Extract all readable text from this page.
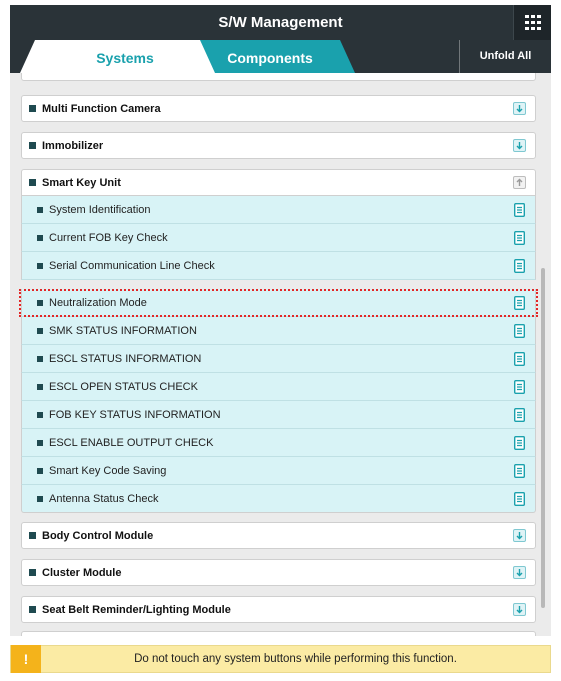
S/W Management
Systems	Components	Unfold All
Multi Function Camera
Immobilizer
Smart Key Unit
System Identification
Current FOB Key Check
Serial Communication Line Check
Neutralization Mode
SMK STATUS INFORMATION
ESCL STATUS INFORMATION
ESCL OPEN STATUS CHECK
FOB KEY STATUS INFORMATION
ESCL ENABLE OUTPUT CHECK
Smart Key Code Saving
Antenna Status Check
Body Control Module
Cluster Module
Seat Belt Reminder/Lighting Module
!	Do not touch any system buttons while performing this function.
